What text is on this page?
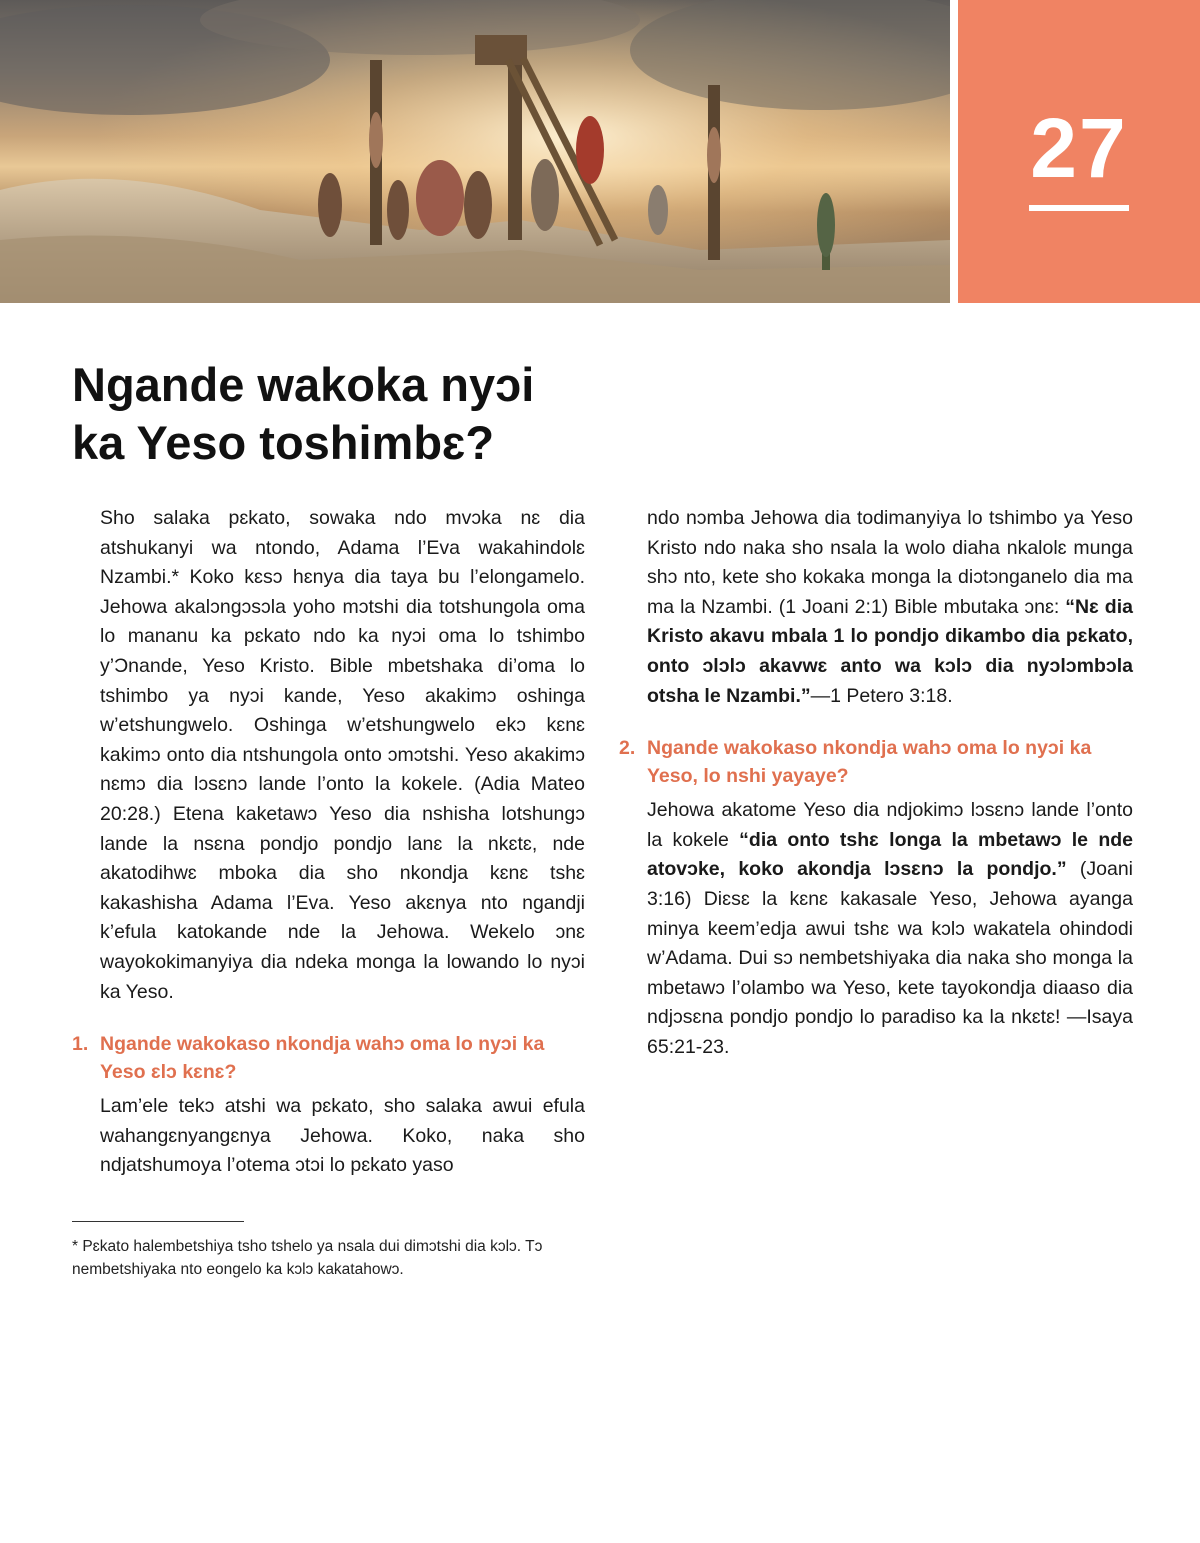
27
Ngande wakoka nyɔi
ka Yeso toshimbɛ?

Sho salaka pɛkato, sowaka ndo mvɔka nɛ dia atshukanyi wa ntondo, Adama l’Eva wakahindolɛ Nzambi.* Koko kɛsɔ hɛnya dia taya bu l’elongamelo. Jehowa akalɔngɔsɔla yoho mɔtshi dia totshungola oma lo mananu ka pɛkato ndo ka nyɔi oma lo tshimbo y’Ɔnande, Yeso Kristo. Bible mbetshaka di’oma lo tshimbo ya nyɔi kande, Yeso akakimɔ oshinga w’etshungwelo. Oshinga w’etshungwelo ekɔ kɛnɛ kakimɔ onto dia ntshungola onto ɔmɔtshi. Yeso akakimɔ nɛmɔ dia lɔsɛnɔ lande l’onto la kokele. (Adia Mateo 20:28.) Etena kaketawɔ Yeso dia nshisha lotshungɔ lande la nsɛna pondjo pondjo lanɛ la nkɛtɛ, nde akatodihwɛ mboka dia sho nkondja kɛnɛ tshɛ kakashisha Adama l’Eva. Yeso akɛnya nto ngandji k’efula katokande nde la Jehowa. Wekelo ɔnɛ wayokokimanyiya dia ndeka monga la lowando lo nyɔi ka Yeso.

1. Ngande wakokaso nkondja wahɔ oma lo nyɔi ka Yeso ɛlɔ kɛnɛ?

Lam’ele tekɔ atshi wa pɛkato, sho salaka awui efula wahangɛnyangɛnya Jehowa. Koko, naka sho ndjatshumoya l’otema ɔtɔi lo pɛkato yaso

ndo nɔmba Jehowa dia todimanyiya lo tshimbo ya Yeso Kristo ndo naka sho nsala la wolo diaha nkalolɛ munga shɔ nto, kete sho kokaka monga la diɔtɔnganelo dia ma ma la Nzambi. (1 Joani 2:1) Bible mbutaka ɔnɛ: “Nɛ dia Kristo akavu mbala 1 lo pondjo dikambo dia pɛkato, onto ɔlɔlɔ akavwɛ anto wa kɔlɔ dia nyɔlɔmbɔla otsha le Nzambi.”—1 Petero 3:18.

2. Ngande wakokaso nkondja wahɔ oma lo nyɔi ka Yeso, lo nshi yayaye?

Jehowa akatome Yeso dia ndjokimɔ lɔsɛnɔ lande l’onto la kokele “dia onto tshɛ longa la mbetawɔ le nde atovɔke, koko akondja lɔsɛnɔ la pondjo.” (Joani 3:16) Diɛsɛ la kɛnɛ kakasale Yeso, Jehowa ayanga minya keem’edja awui tshɛ wa kɔlɔ wakatela ohindodi w’Adama. Dui sɔ nembetshiyaka dia naka sho monga la mbetawɔ l’olambo wa Yeso, kete tayokondja diaaso dia ndjɔsɛna pondjo pondjo lo paradiso ka la nkɛtɛ! —Isaya 65:21-23.

* Pɛkato halembetshiya tsho tshelo ya nsala dui dimɔtshi dia kɔlɔ. Tɔ nembetshiyaka nto eongelo ka kɔlɔ kakatahowɔ.
